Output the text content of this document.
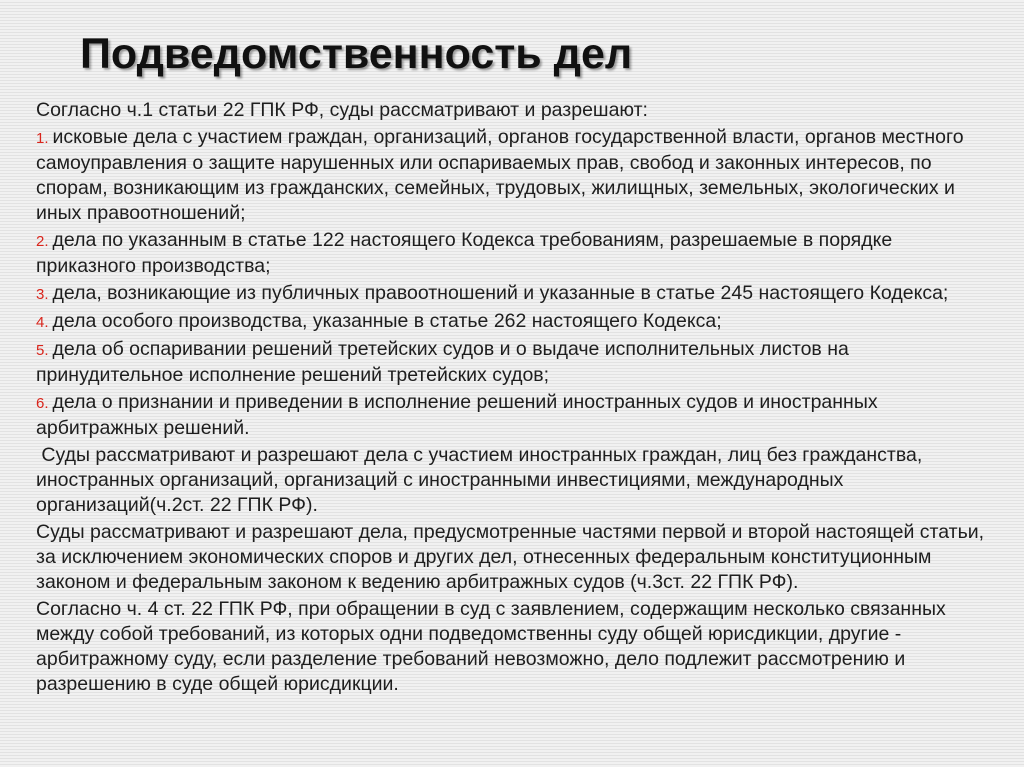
Подведомственность дел

Согласно ч.1 статьи 22 ГПК РФ, суды рассматривают и разрешают:

1. исковые дела с участием граждан, организаций, органов государственной власти, органов местного самоуправления о защите нарушенных или оспариваемых прав, свобод и законных интересов, по спорам, возникающим из гражданских, семейных, трудовых, жилищных, земельных, экологических и иных правоотношений;

2. дела по указанным в статье 122 настоящего Кодекса требованиям, разрешаемые в порядке приказного производства;

3. дела, возникающие из публичных правоотношений и указанные в статье 245 настоящего Кодекса;

4. дела особого производства, указанные в статье 262 настоящего Кодекса;

5. дела об оспаривании решений третейских судов и о выдаче исполнительных листов на принудительное исполнение решений третейских судов;

6. дела о признании и приведении в исполнение решений иностранных судов и иностранных арбитражных решений.

Суды рассматривают и разрешают дела с участием иностранных граждан, лиц без гражданства, иностранных организаций, организаций с иностранными инвестициями, международных организаций(ч.2ст. 22 ГПК РФ).

Суды рассматривают и разрешают дела, предусмотренные частями первой и второй настоящей статьи, за исключением экономических споров и других дел, отнесенных федеральным конституционным законом и федеральным законом к ведению арбитражных судов (ч.3ст. 22 ГПК РФ).

Согласно ч. 4 ст. 22 ГПК РФ, при обращении в суд с заявлением, содержащим несколько связанных между собой требований, из которых одни подведомственны суду общей юрисдикции, другие - арбитражному суду, если разделение требований невозможно, дело подлежит рассмотрению и разрешению в суде общей юрисдикции.
